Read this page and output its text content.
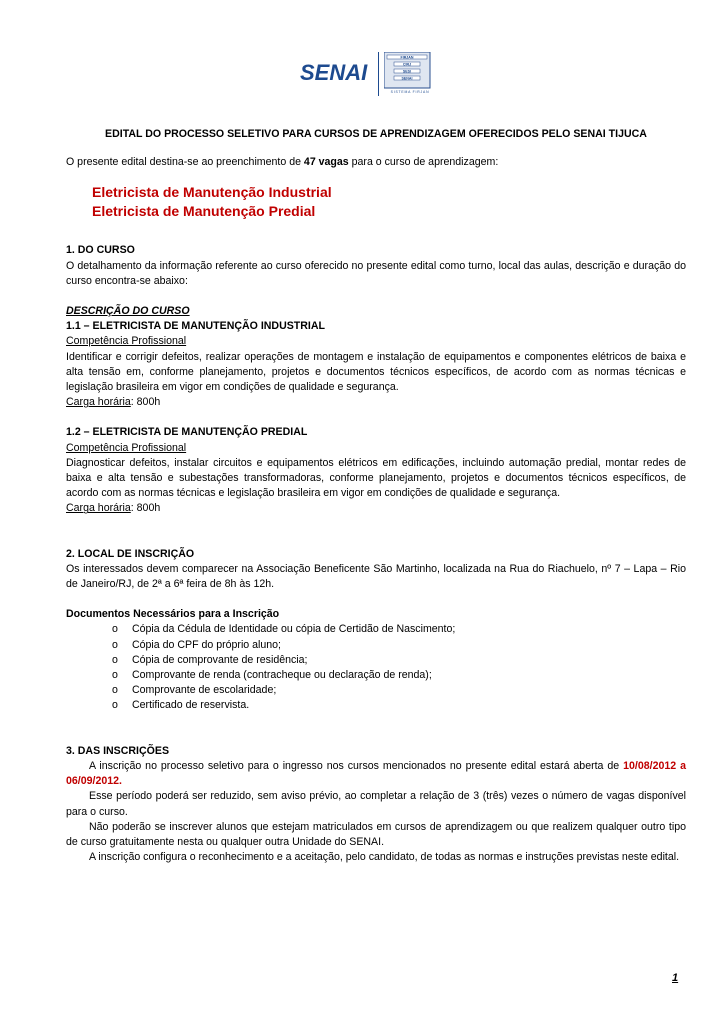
SENAI
FIRJAN
CIRJ
SESI
SENAI
SISTEMA FIRJAN

EDITAL DO PROCESSO SELETIVO PARA CURSOS DE APRENDIZAGEM OFERECIDOS PELO SENAI TIJUCA

O presente edital destina-se ao preenchimento de 47 vagas para o curso de aprendizagem:

Eletricista de Manutenção Industrial
Eletricista de Manutenção Predial

1. DO CURSO

O detalhamento da informação referente ao curso oferecido no presente edital como turno, local das aulas, descrição e duração do curso encontra-se abaixo:

DESCRIÇÃO DO CURSO

1.1 – ELETRICISTA DE MANUTENÇÃO INDUSTRIAL

Competência Profissional

Identificar e corrigir defeitos, realizar operações de montagem e instalação de equipamentos e componentes elétricos de baixa e alta tensão em, conforme planejamento, projetos e documentos técnicos específicos, de acordo com as normas técnicas e legislação brasileira em vigor em condições de qualidade e segurança.

Carga horária: 800h

1.2 – ELETRICISTA DE MANUTENÇÃO PREDIAL

Competência Profissional

Diagnosticar defeitos, instalar circuitos e equipamentos elétricos em edificações, incluindo automação predial, montar redes de baixa e alta tensão e subestações transformadoras, conforme planejamento, projetos e documentos técnicos específicos, de acordo com as normas técnicas e legislação brasileira em vigor em condições de qualidade e segurança.

Carga horária: 800h

2. LOCAL DE INSCRIÇÃO

Os interessados devem comparecer na Associação Beneficente São Martinho, localizada na Rua do Riachuelo, nº 7 – Lapa – Rio de Janeiro/RJ, de 2ª a 6ª feira de 8h às 12h.

Documentos Necessários para a Inscrição

o Cópia da Cédula de Identidade ou cópia de Certidão de Nascimento;
o Cópia do CPF do próprio aluno;
o Cópia de comprovante de residência;
o Comprovante de renda (contracheque ou declaração de renda);
o Comprovante de escolaridade;
o Certificado de reservista.

3. DAS INSCRIÇÕES

A inscrição no processo seletivo para o ingresso nos cursos mencionados no presente edital estará aberta de 10/08/2012 a 06/09/2012.

Esse período poderá ser reduzido, sem aviso prévio, ao completar a relação de 3 (três) vezes o número de vagas disponível para o curso.

Não poderão se inscrever alunos que estejam matriculados em cursos de aprendizagem ou que realizem qualquer outro tipo de curso gratuitamente nesta ou qualquer outra Unidade do SENAI.

A inscrição configura o reconhecimento e a aceitação, pelo candidato, de todas as normas e instruções previstas neste edital.

1
